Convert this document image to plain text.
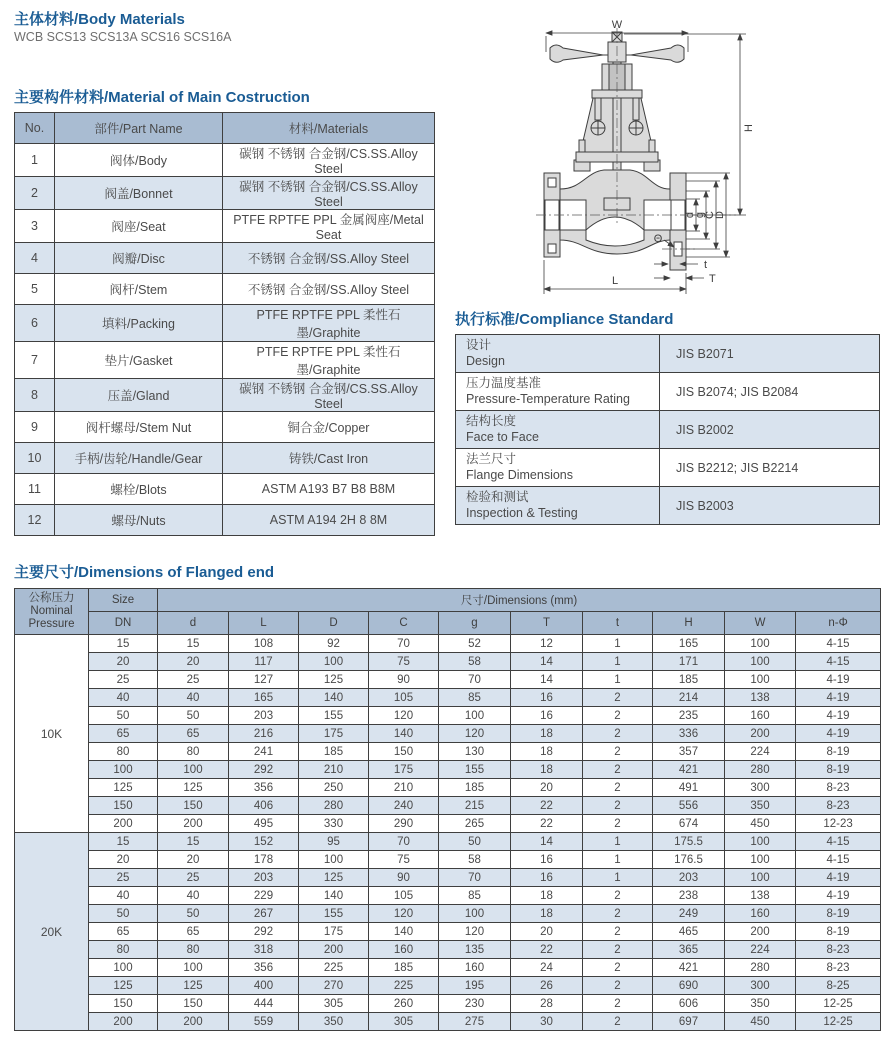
主体材料/Body Materials
WCB SCS13 SCS13A SCS16 SCS16A
主要构件材料/Material of Main Costruction
No.	部件/Part Name	材料/Materials
1	阀体/Body	碳钢 不锈钢 合金钢/CS.SS.Alloy Steel
2	阀盖/Bonnet	碳钢 不锈钢 合金钢/CS.SS.Alloy Steel
3	阀座/Seat	PTFE RPTFE PPL 金属阀座/Metal Seat
4	阀瓣/Disc	不锈钢 合金钢/SS.Alloy Steel
5	阀杆/Stem	不锈钢 合金钢/SS.Alloy Steel
6	填料/Packing	PTFE RPTFE PPL 柔性石墨/Graphite
7	垫片/Gasket	PTFE RPTFE PPL 柔性石墨/Graphite
8	压盖/Gland	碳钢 不锈钢 合金钢/CS.SS.Alloy Steel
9	阀杆螺母/Stem Nut	铜合金/Copper
10	手柄/齿轮/Handle/Gear	铸铁/Cast Iron
11	螺栓/Blots	ASTM A193 B7 B8 B8M
12	螺母/Nuts	ASTM A194 2H 8 8M
W
H
d
g
C
D
Θ
t
T
L
执行标准/Compliance Standard
设计
Design	JIS B2071

压力温度基准
Pressure-Temperature Rating	JIS B2074; JIS B2084

结构长度
Face to Face	JIS B2002

法兰尺寸
Flange Dimensions	JIS B2212; JIS B2214

检验和测试
Inspection & Testing	JIS B2003
主要尺寸/Dimensions of Flanged end
公称压力
Nominal Pressure	Size	尺寸/Dimensions (mm)									
	DN	d	L	D	C	g	T	t	H	W	n-Φ
10K	15	15	108	92	70	52	12	1	165	100	4-15
	20	20	117	100	75	58	14	1	171	100	4-15
	25	25	127	125	90	70	14	1	185	100	4-19
	40	40	165	140	105	85	16	2	214	138	4-19
	50	50	203	155	120	100	16	2	235	160	4-19
	65	65	216	175	140	120	18	2	336	200	4-19
	80	80	241	185	150	130	18	2	357	224	8-19
	100	100	292	210	175	155	18	2	421	280	8-19
	125	125	356	250	210	185	20	2	491	300	8-23
	150	150	406	280	240	215	22	2	556	350	8-23
	200	200	495	330	290	265	22	2	674	450	12-23
20K	15	15	152	95	70	50	14	1	175.5	100	4-15
	20	20	178	100	75	58	16	1	176.5	100	4-15
	25	25	203	125	90	70	16	1	203	100	4-19
	40	40	229	140	105	85	18	2	238	138	4-19
	50	50	267	155	120	100	18	2	249	160	8-19
	65	65	292	175	140	120	20	2	465	200	8-19
	80	80	318	200	160	135	22	2	365	224	8-23
	100	100	356	225	185	160	24	2	421	280	8-23
	125	125	400	270	225	195	26	2	690	300	8-25
	150	150	444	305	260	230	28	2	606	350	12-25
	200	200	559	350	305	275	30	2	697	450	12-25
